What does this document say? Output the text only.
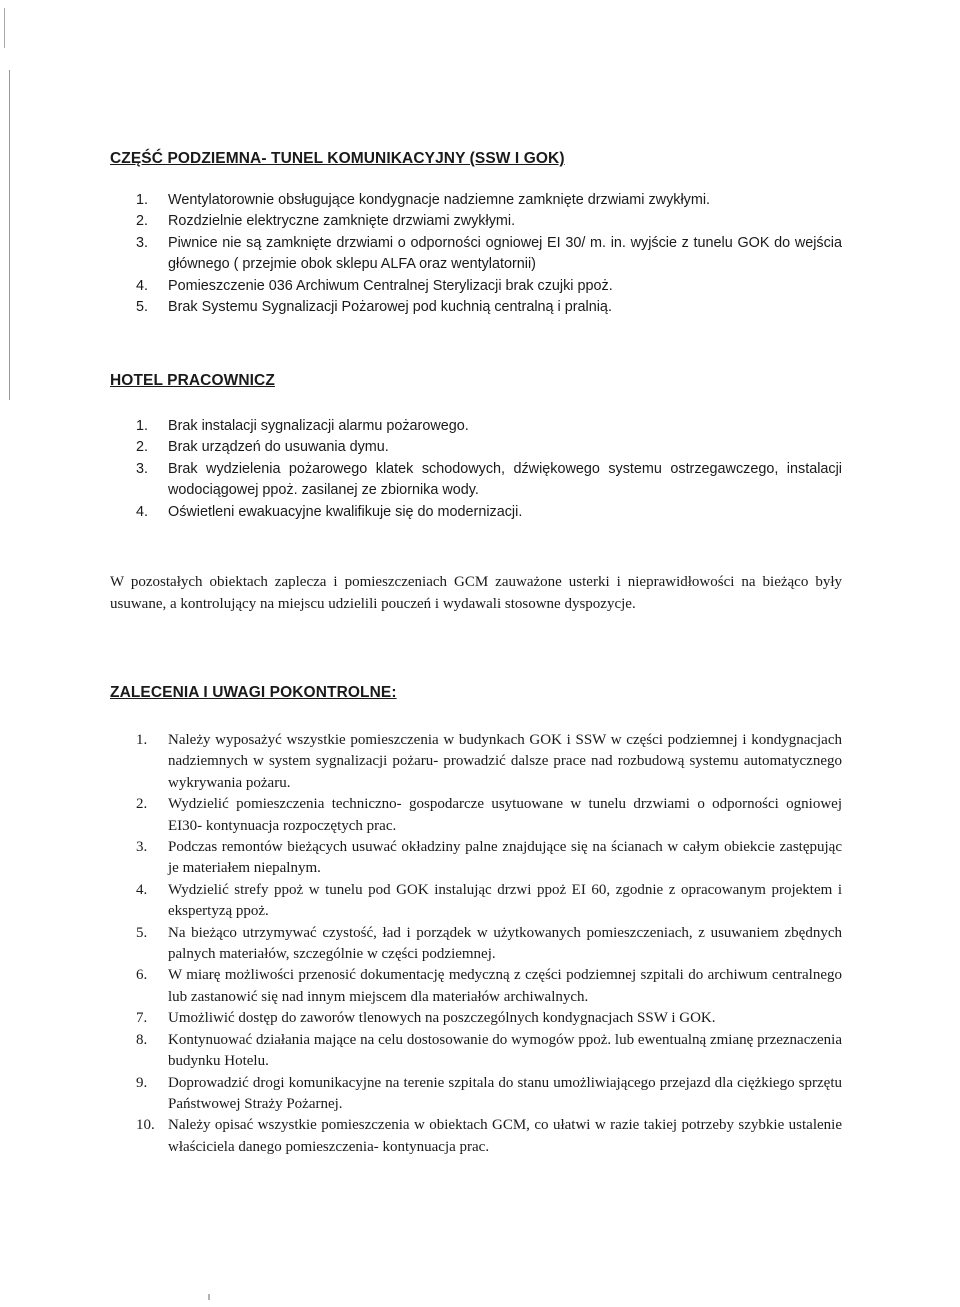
CZĘŚĆ PODZIEMNA- TUNEL KOMUNIKACYJNY (SSW I GOK)
1.	Wentylatorownie obsługujące kondygnacje nadziemne zamknięte drzwiami zwykłymi.
2.	Rozdzielnie elektryczne zamknięte drzwiami zwykłymi.
3.	Piwnice nie są zamknięte drzwiami o odporności ogniowej EI 30/ m. in. wyjście z tunelu GOK do wejścia głównego ( przejmie obok sklepu ALFA oraz wentylatornii)
4.	Pomieszczenie 036 Archiwum Centralnej Sterylizacji brak czujki ppoż.
5.	Brak Systemu Sygnalizacji Pożarowej pod kuchnią centralną i pralnią.
HOTEL PRACOWNICZ
1.	Brak instalacji sygnalizacji alarmu pożarowego.
2.	Brak urządzeń do usuwania dymu.
3.	Brak wydzielenia pożarowego klatek schodowych, dźwiękowego systemu ostrzegawczego, instalacji wodociągowej ppoż. zasilanej ze zbiornika wody.
4.	Oświetleni ewakuacyjne kwalifikuje się do modernizacji.

W pozostałych obiektach zaplecza i pomieszczeniach GCM zauważone usterki i nieprawidłowości na bieżąco były usuwane, a kontrolujący na miejscu udzielili pouczeń i wydawali stosowne dyspozycje.

ZALECENIA I UWAGI POKONTROLNE:
1.	Należy wyposażyć wszystkie pomieszczenia w budynkach GOK i SSW w części podziemnej i kondygnacjach nadziemnych w system sygnalizacji pożaru- prowadzić dalsze prace nad rozbudową systemu automatycznego wykrywania pożaru.
2.	Wydzielić pomieszczenia techniczno- gospodarcze usytuowane w tunelu drzwiami o odporności ogniowej EI30- kontynuacja rozpoczętych prac.
3.	Podczas remontów bieżących usuwać okładziny palne znajdujące się na ścianach w całym obiekcie zastępując je materiałem niepalnym.
4.	Wydzielić strefy ppoż w tunelu pod GOK instalując drzwi ppoż EI 60, zgodnie z opracowanym projektem i ekspertyzą ppoż.
5.	Na bieżąco utrzymywać czystość, ład i porządek w użytkowanych pomieszczeniach, z usuwaniem zbędnych palnych materiałów, szczególnie w części podziemnej.
6.	W miarę możliwości przenosić dokumentację medyczną z części podziemnej szpitali do archiwum centralnego lub zastanowić się nad innym miejscem dla materiałów archiwalnych.
7.	Umożliwić dostęp do zaworów tlenowych na poszczególnych kondygnacjach SSW i GOK.
8.	Kontynuować działania mające na celu dostosowanie do wymogów ppoż. lub ewentualną zmianę przeznaczenia budynku Hotelu.
9.	Doprowadzić drogi komunikacyjne na terenie szpitala do stanu umożliwiającego przejazd dla ciężkiego sprzętu Państwowej Straży Pożarnej.
10. Należy opisać wszystkie pomieszczenia w obiektach GCM, co ułatwi w razie takiej potrzeby szybkie ustalenie właściciela danego pomieszczenia- kontynuacja prac.
